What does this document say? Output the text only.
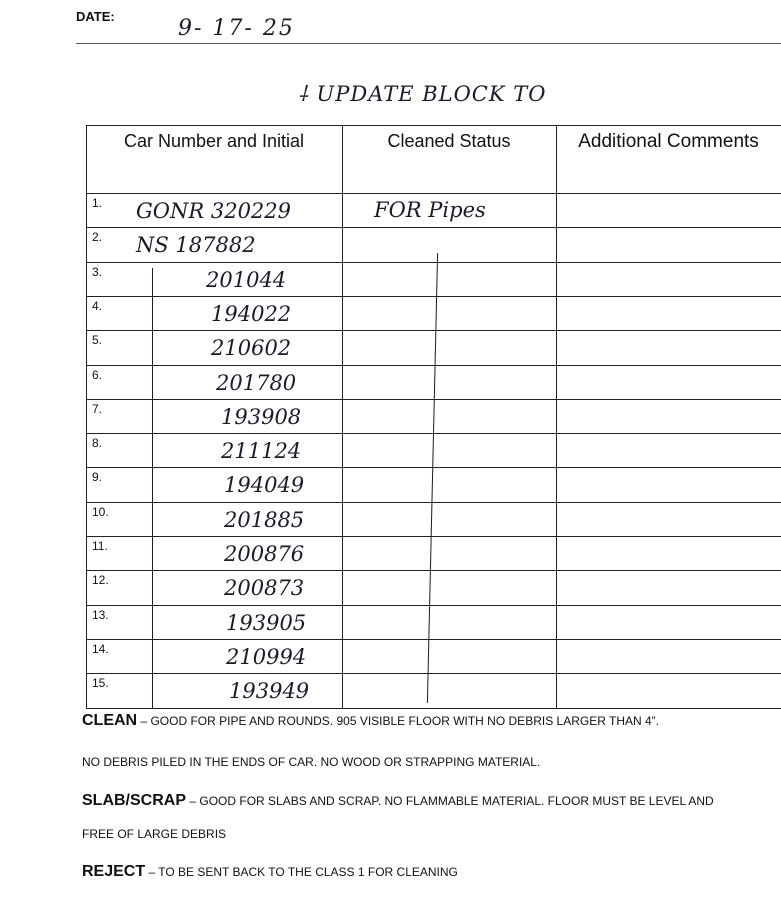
DATE:	9- 17- 25
⸸ UPDATE BLOCK TO
Car Number and Initial	Cleaned Status	Additional Comments
1. GONR 320229	FOR Pipes
2. NS 187882
3.	201044
4.	194022
5.	210602
6.	201780
7.	193908
8.	211124
9.	194049
10.	201885
11.	200876
12.	200873
13.	193905
14.	210994
15.	193949
CLEAN – GOOD FOR PIPE AND ROUNDS. 905 VISIBLE FLOOR WITH NO DEBRIS LARGER THAN 4”.
NO DEBRIS PILED IN THE ENDS OF CAR. NO WOOD OR STRAPPING MATERIAL.
SLAB/SCRAP – GOOD FOR SLABS AND SCRAP. NO FLAMMABLE MATERIAL. FLOOR MUST BE LEVEL AND
FREE OF LARGE DEBRIS
REJECT – TO BE SENT BACK TO THE CLASS 1 FOR CLEANING
